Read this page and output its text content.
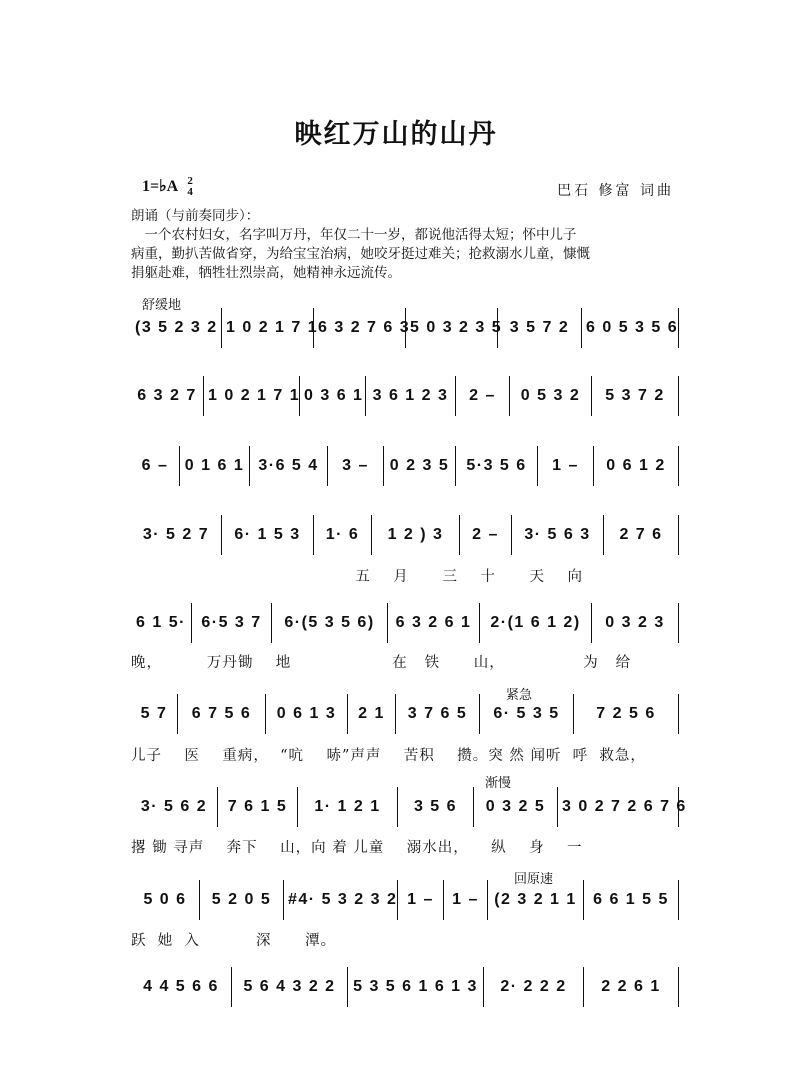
映红万山的山丹
1=♭A 2
4	巴石 修富 词曲

朗诵（与前奏同步）：

　一个农村妇女，名字叫万丹，年仅二十一岁，都说他活得太短；怀中儿子

病重，勤扒苦做省穿，为给宝宝治病，她咬牙挺过难关；抢救溺水儿童，慷慨

捐躯赴难，牺牲壮烈崇高，她精神永远流传。

舒缓地
紧急
渐慢
回原速
(3 5 2 3 2 1 0 2 1 7 1 6 3 2 7 6 3 5 0 3 2 3 5 3 5 7 2	6 0 5 3 5 6
6 3 2 7 1 0 2 1 7 1 0 3 6 1 3 6 1 2 3	2 –	0 5 3 2	5 3 7 2
6 –	0 1 6 1 3·6 5 4	3 –	0 2 3 5	5·3 5 6	1 –	0 6 1 2
3· 5 2 7	6· 1 5 3	1· 6	1 2 ) 3	2 –	3· 5 6 3	2 7 6
五    月      三    十      天    向
6 1 5· 6·5 3 7	6·(5 3 5 6)	6 3 2 6 1	2·(1 6 1 2)	0 3 2 3
晚，        万丹锄    地                  在   铁      山，              为   给
5 7	6 7 5 6	0 6 1 3	2 1	3 7 6 5	6· 5 3 5	7 2 5 6
儿子    医    重病，  “吭    哧”声声    苦积    攒。突 然 闻听  呼  救急，
3· 5 6 2	7 6 1 5	1· 1 2 1	3 5 6	0 3 2 5	3 0 2 7 2 6 7 6
撂 锄 寻声    奔下    山，向 着 儿童    溺水出，    纵    身    一
5 0 6	5 2 0 5	#4· 5 3 2 3 2 1 –	1 – (2 3 2 1 1	6 6 1 5 5
跃  她  入          深      潭。
4 4 5 6 6	5 6 4 3 2 2	5 3 5 6 1 6 1 3	2· 2 2 2	2 2 6 1
